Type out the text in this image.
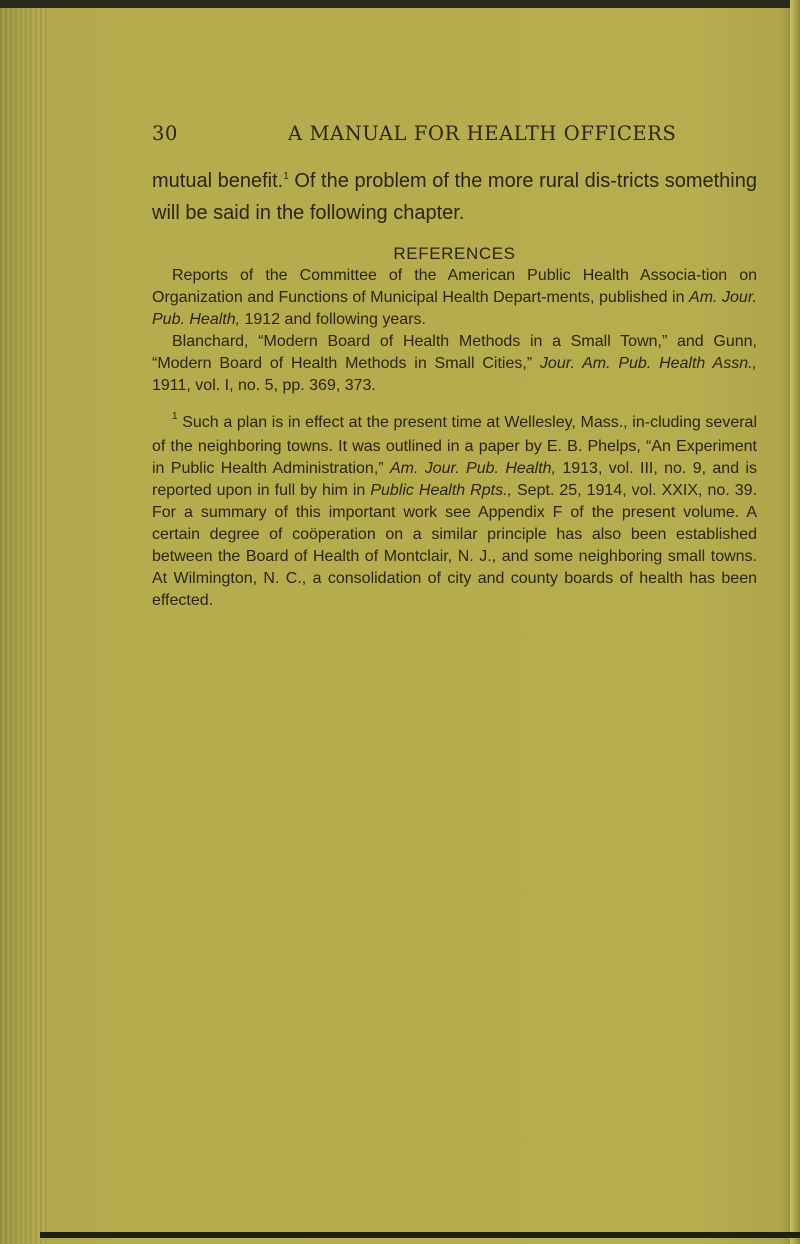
30	A MANUAL FOR HEALTH OFFICERS
mutual benefit.$^1$ Of the problem of the more rural dis-tricts something will be said in the following chapter.
REFERENCES

Reports of the Committee of the American Public Health Associa-tion on Organization and Functions of Municipal Health Depart-ments, published in Am. Jour. Pub. Health, 1912 and following years.

Blanchard, “Modern Board of Health Methods in a Small Town,” and Gunn, “Modern Board of Health Methods in Small Cities,” Jour. Am. Pub. Health Assn., 1911, vol. I, no. 5, pp. 369, 373.

$^1$ Such a plan is in effect at the present time at Wellesley, Mass., in-cluding several of the neighboring towns. It was outlined in a paper by E. B. Phelps, “An Experiment in Public Health Administration,” Am. Jour. Pub. Health, 1913, vol. III, no. 9, and is reported upon in full by him in Public Health Rpts., Sept. 25, 1914, vol. XXIX, no. 39. For a summary of this important work see Appendix F of the present volume. A certain degree of coöperation on a similar principle has also been established between the Board of Health of Montclair, N. J., and some neighboring small towns. At Wilmington, N. C., a consolidation of city and county boards of health has been effected.
